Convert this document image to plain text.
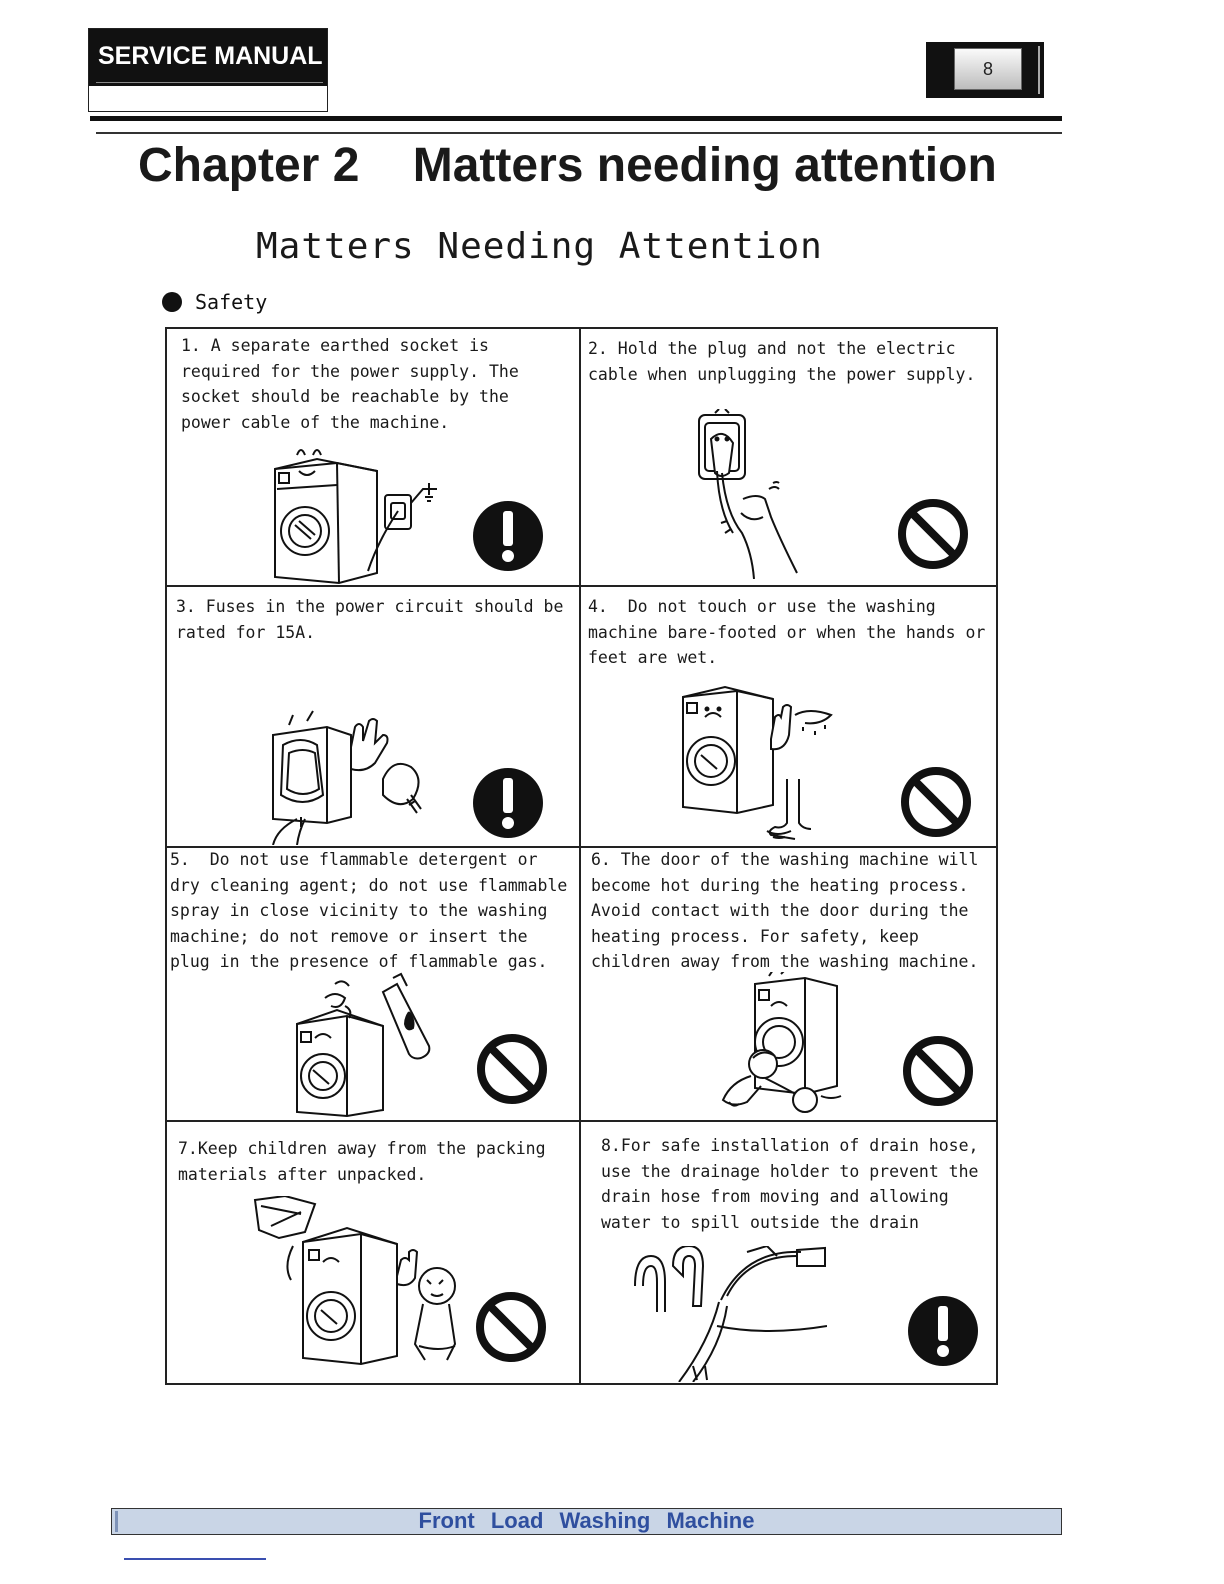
SERVICE MANUAL	8
Chapter 2    Matters needing attention
Matters Needing Attention
Safety
1. A separate earthed socket is
required for the power supply. The
socket should be reachable by the
power cable of the machine.
2. Hold the plug and not the electric
cable when unplugging the power supply.
3. Fuses in the power circuit should be
rated for 15A.
4.  Do not touch or use the washing
machine bare-footed or when the hands or
feet are wet.
5.  Do not use flammable detergent or
dry cleaning agent; do not use flammable
spray in close vicinity to the washing
machine; do not remove or insert the
plug in the presence of flammable gas.
6. The door of the washing machine will
become hot during the heating process.
Avoid contact with the door during the
heating process. For safety, keep
children away from the washing machine.
7.Keep children away from the packing
materials after unpacked.
8.For safe installation of drain hose,
use the drainage holder to prevent the
drain hose from moving and allowing
water to spill outside the drain
Front Load Washing Machine
